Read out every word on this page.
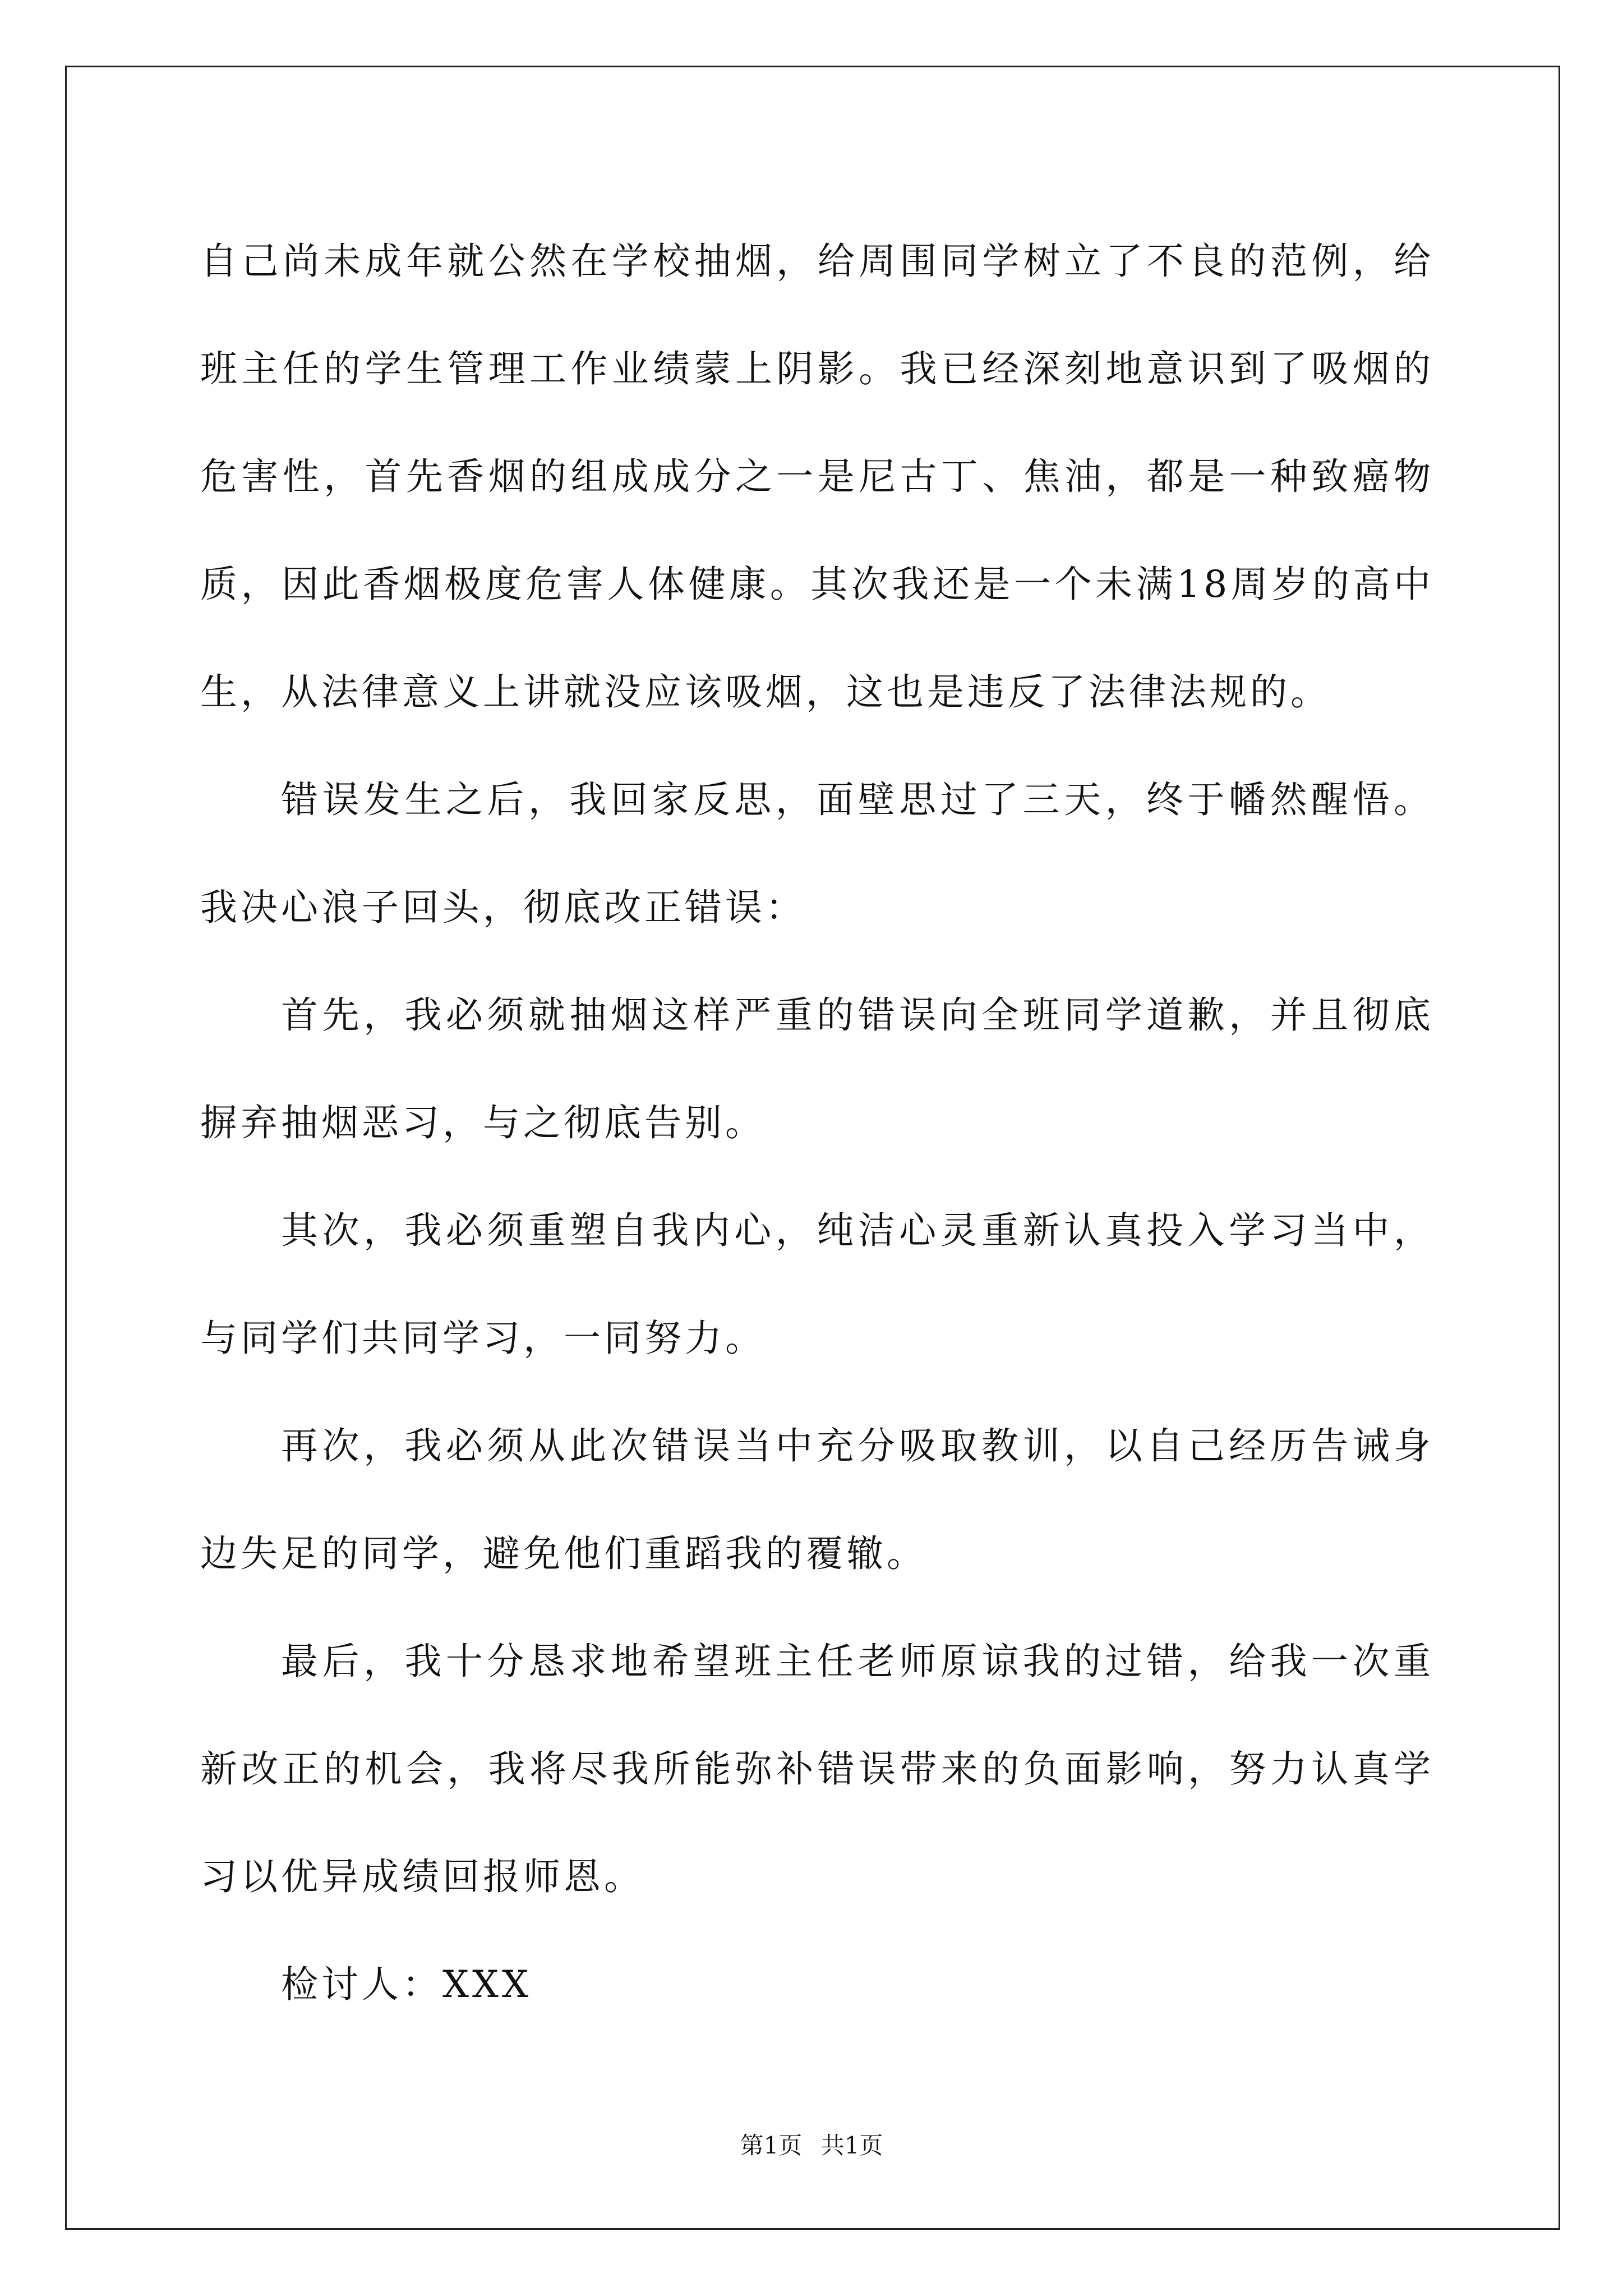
自己尚未成年就公然在学校抽烟，给周围同学树立了不良的范例，给班主任的学生管理工作业绩蒙上阴影。我已经深刻地意识到了吸烟的危害性，首先香烟的组成成分之一是尼古丁、焦油，都是一种致癌物质，因此香烟极度危害人体健康。其次我还是一个未满18周岁的高中生，从法律意义上讲就没应该吸烟，这也是违反了法律法规的。

错误发生之后，我回家反思，面壁思过了三天，终于幡然醒悟。我决心浪子回头，彻底改正错误：

首先，我必须就抽烟这样严重的错误向全班同学道歉，并且彻底摒弃抽烟恶习，与之彻底告别。

其次，我必须重塑自我内心，纯洁心灵重新认真投入学习当中，与同学们共同学习，一同努力。

再次，我必须从此次错误当中充分吸取教训，以自己经历告诫身边失足的同学，避免他们重蹈我的覆辙。

最后，我十分恳求地希望班主任老师原谅我的过错，给我一次重新改正的机会，我将尽我所能弥补错误带来的负面影响，努力认真学习以优异成绩回报师恩。

检讨人：XXX

第1页 共1页
